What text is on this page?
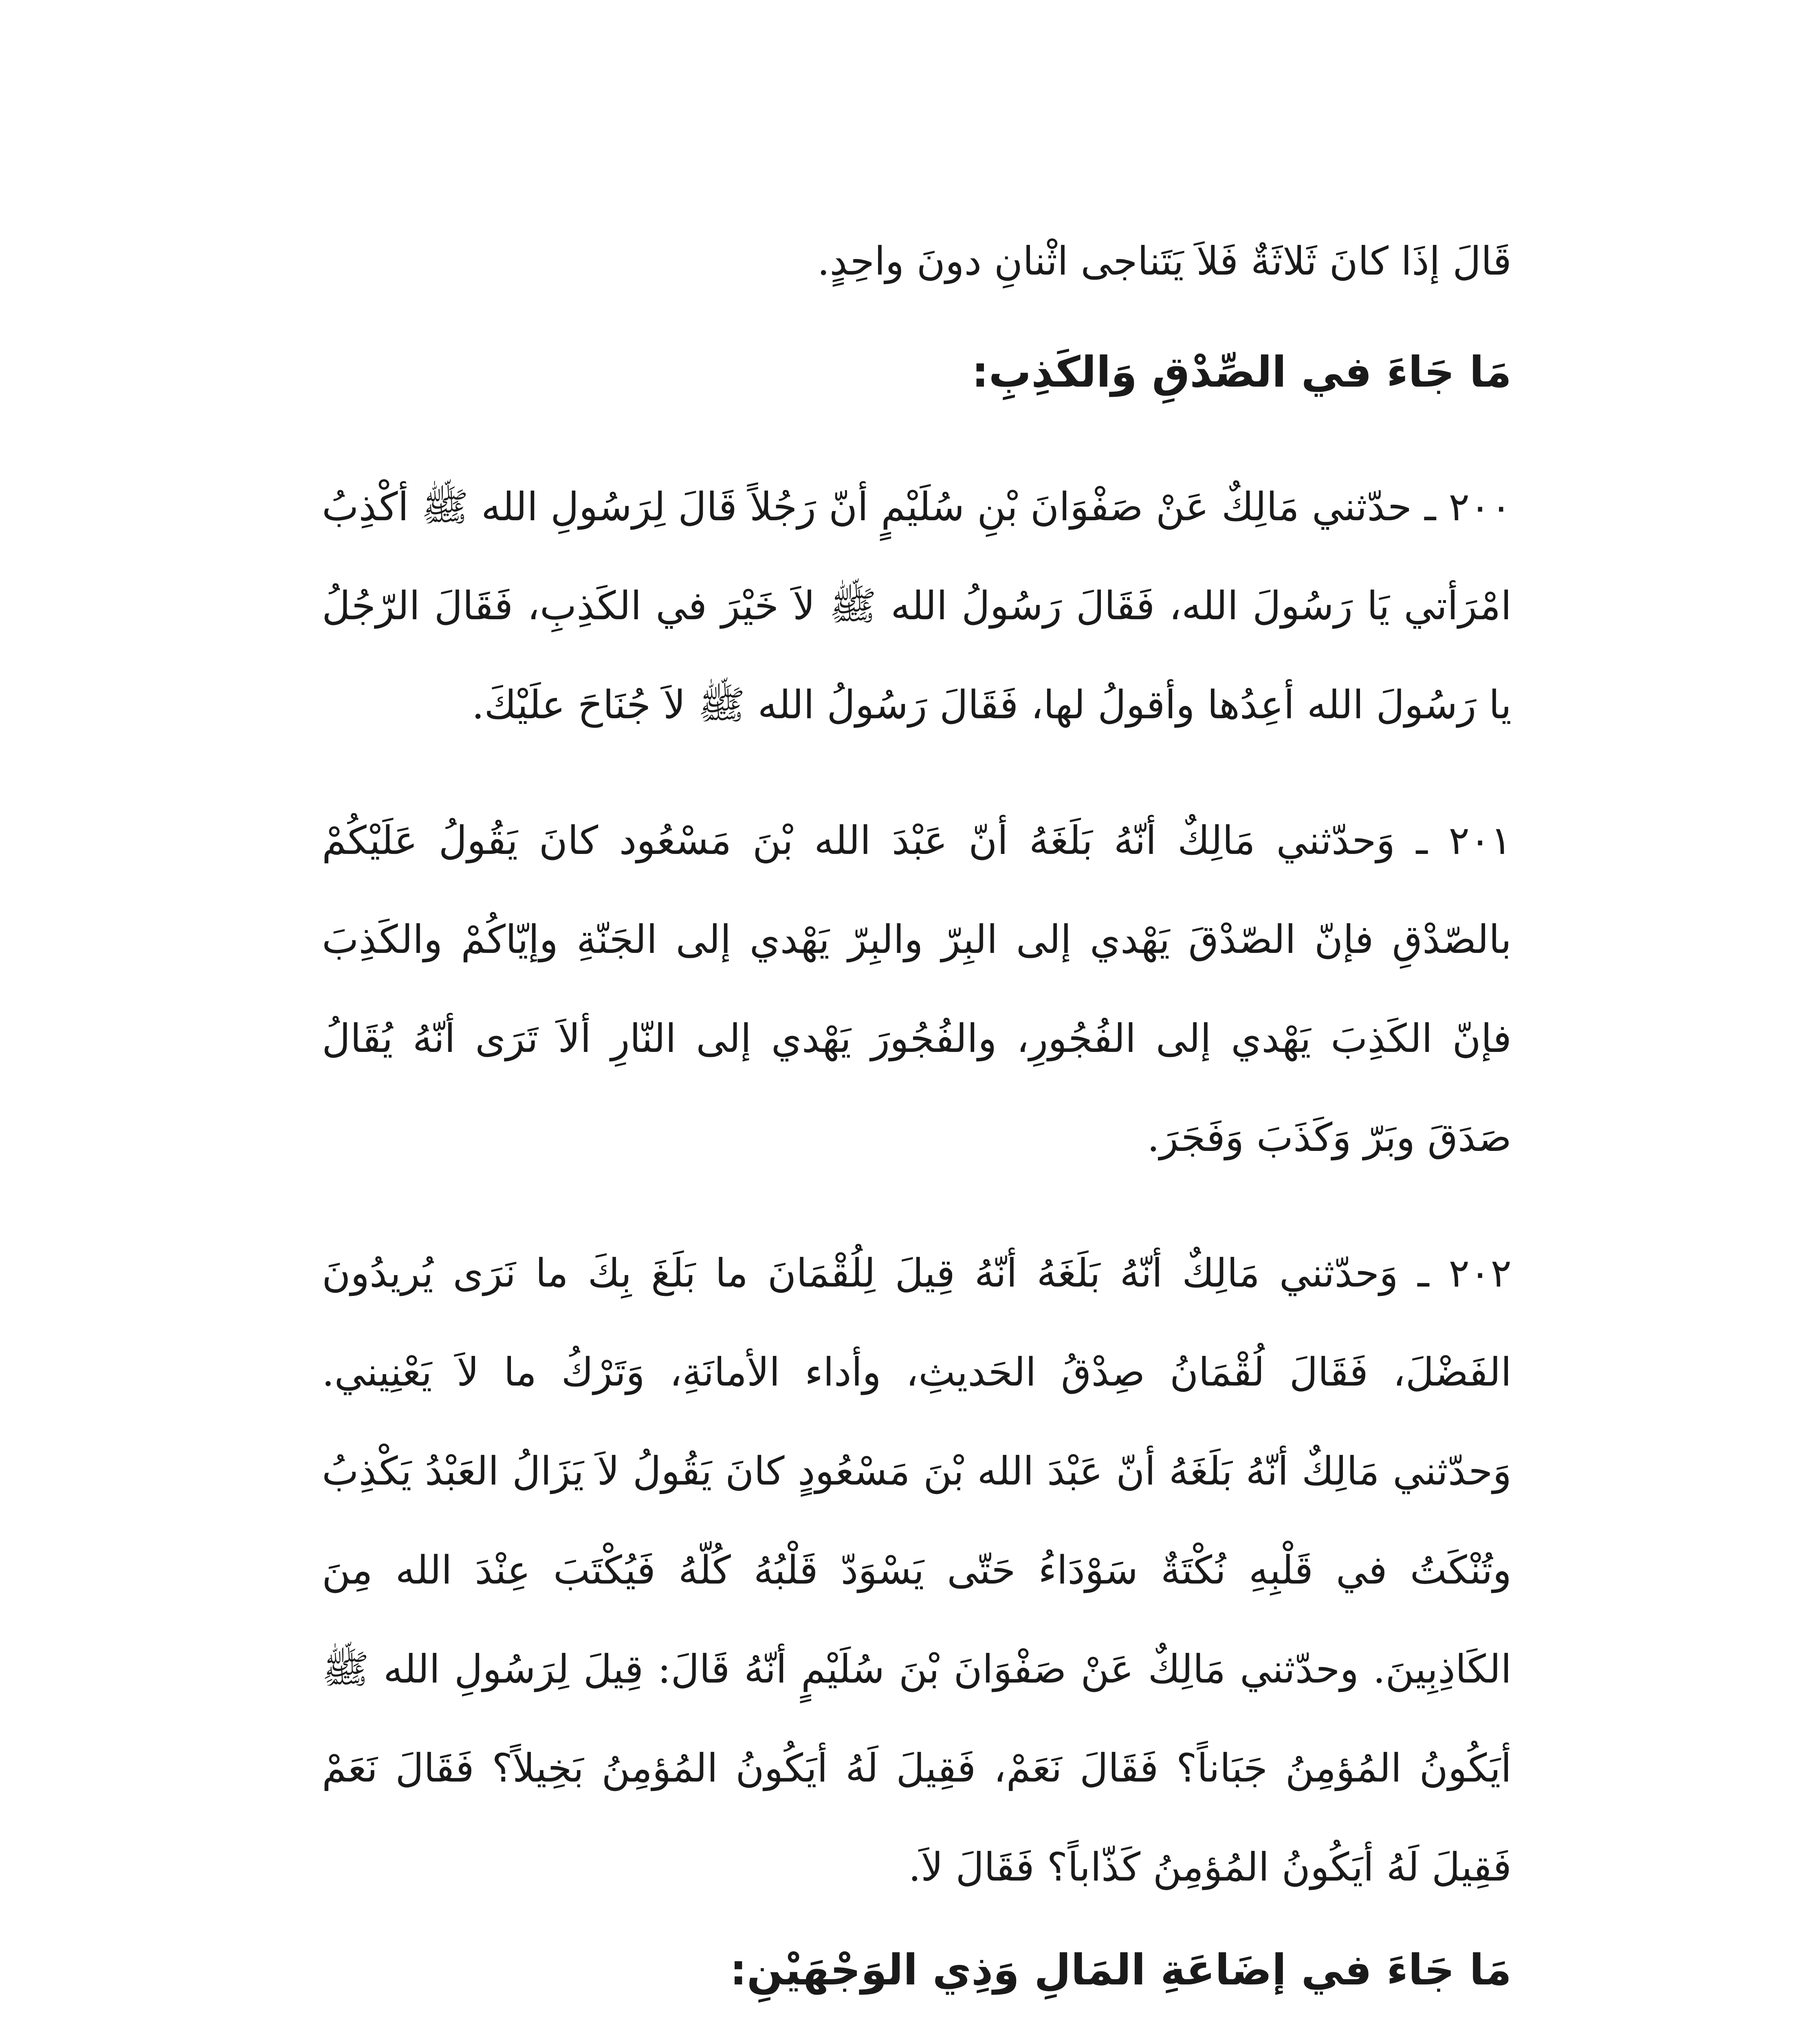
قَالَ إذَا كانَ ثَلاثَةٌ فَلاَ يَتَناجى اثْنانِ دونَ واحِدٍ.

مَا جَاءَ في الصِّدْقِ وَالكَذِبِ:

٢٠٠ ـ حدّثني مَالِكٌ عَنْ صَفْوَانَ بْنِ سُلَيْمٍ أنّ رَجُلاً قَالَ لِرَسُولِ الله ﷺ أكْذِبُ امْرَأتي يَا رَسُولَ الله، فَقَالَ رَسُولُ الله ﷺ لاَ خَيْرَ في الكَذِبِ، فَقَالَ الرّجُلُ يا رَسُولَ الله أعِدُها وأقولُ لها، فَقَالَ رَسُولُ الله ﷺ لاَ جُنَاحَ علَيْكَ.

٢٠١ ـ وَحدّثني مَالِكٌ أنّهُ بَلَغَهُ أنّ عَبْدَ الله بْنَ مَسْعُود كانَ يَقُولُ عَلَيْكُمْ بالصّدْقِ فإنّ الصّدْقَ يَهْدي إلى البِرّ والبِرّ يَهْدي إلى الجَنّةِ وإيّاكُمْ والكَذِبَ فإنّ الكَذِبَ يَهْدي إلى الفُجُورِ، والفُجُورَ يَهْدي إلى النّارِ ألاَ تَرَى أنّهُ يُقَالُ صَدَقَ وبَرّ وَكَذَبَ وَفَجَرَ.

٢٠٢ ـ وَحدّثني مَالِكٌ أنّهُ بَلَغَهُ أنّهُ قِيلَ لِلُقْمَانَ ما بَلَغَ بِكَ ما نَرَى يُريدُونَ الفَضْلَ، فَقَالَ لُقْمَانُ صِدْقُ الحَديثِ، وأداء الأمانَةِ، وَتَرْكُ ما لاَ يَعْنِيني. وَحدّثني مَالِكٌ أنّهُ بَلَغَهُ أنّ عَبْدَ الله بْنَ مَسْعُودٍ كانَ يَقُولُ لاَ يَزَالُ العَبْدُ يَكْذِبُ وتُنْكَتُ في قَلْبِهِ نُكْتَةٌ سَوْدَاءُ حَتّى يَسْوَدّ قَلْبُهُ كُلّهُ فَيُكْتَبَ عِنْدَ الله مِنَ الكَاذِبِينَ. وحدّثني مَالِكٌ عَنْ صَفْوَانَ بْنَ سُلَيْمٍ أنّهُ قَالَ: قِيلَ لِرَسُولِ الله ﷺ أيَكُونُ المُؤمِنُ جَبَاناً؟ فَقَالَ نَعَمْ، فَقِيلَ لَهُ أيَكُونُ المُؤمِنُ بَخِيلاً؟ فَقَالَ نَعَمْ فَقِيلَ لَهُ أيَكُونُ المُؤمِنُ كَذّاباً؟ فَقَالَ لاَ.

مَا جَاءَ في إضَاعَةِ المَالِ وَذِي الوَجْهَيْنِ:
